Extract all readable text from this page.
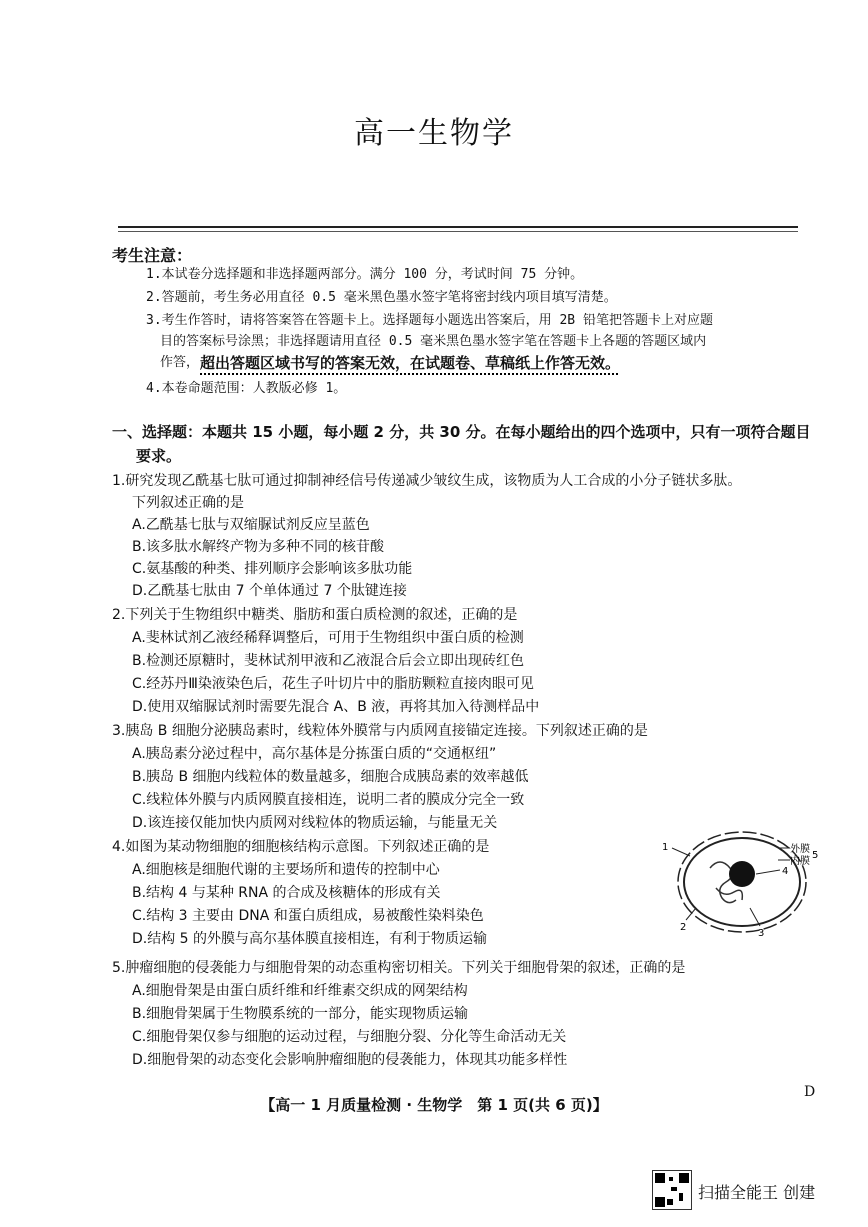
高一生物学
考生注意：
1.本试卷分选择题和非选择题两部分。满分 100 分，考试时间 75 分钟。
2.答题前，考生务必用直径 0.5 毫米黑色墨水签字笔将密封线内项目填写清楚。
3.考生作答时，请将答案答在答题卡上。选择题每小题选出答案后，用 2B 铅笔把答题卡上对应题
目的答案标号涂黑；非选择题请用直径 0.5 毫米黑色墨水签字笔在答题卡上各题的答题区域内
作答， 超出答题区域书写的答案无效，在试题卷、草稿纸上作答无效。
4.本卷命题范围：人教版必修 1。
一、选择题：本题共 15 小题，每小题 2 分，共 30 分。在每小题给出的四个选项中，只有一项符合题目
要求。
1.研究发现乙酰基七肽可通过抑制神经信号传递减少皱纹生成，该物质为人工合成的小分子链状多肽。
下列叙述正确的是
A.乙酰基七肽与双缩脲试剂反应呈蓝色
B.该多肽水解终产物为多种不同的核苷酸
C.氨基酸的种类、排列顺序会影响该多肽功能
D.乙酰基七肽由 7 个单体通过 7 个肽键连接
2.下列关于生物组织中糖类、脂肪和蛋白质检测的叙述，正确的是
A.斐林试剂乙液经稀释调整后，可用于生物组织中蛋白质的检测
B.检测还原糖时，斐林试剂甲液和乙液混合后会立即出现砖红色
C.经苏丹Ⅲ染液染色后，花生子叶切片中的脂肪颗粒直接肉眼可见
D.使用双缩脲试剂时需要先混合 A、B 液，再将其加入待测样品中
3.胰岛 B 细胞分泌胰岛素时，线粒体外膜常与内质网直接锚定连接。下列叙述正确的是
A.胰岛素分泌过程中，高尔基体是分拣蛋白质的“交通枢纽”
B.胰岛 B 细胞内线粒体的数量越多，细胞合成胰岛素的效率越低
C.线粒体外膜与内质网膜直接相连，说明二者的膜成分完全一致
D.该连接仅能加快内质网对线粒体的物质运输，与能量无关
4.如图为某动物细胞的细胞核结构示意图。下列叙述正确的是
A.细胞核是细胞代谢的主要场所和遗传的控制中心
B.结构 4 与某种 RNA 的合成及核糖体的形成有关
C.结构 3 主要由 DNA 和蛋白质组成，易被酸性染料染色
D.结构 5 的外膜与高尔基体膜直接相连，有利于物质运输
1
2
3
4
外膜
内膜
5
5.肿瘤细胞的侵袭能力与细胞骨架的动态重构密切相关。下列关于细胞骨架的叙述，正确的是
A.细胞骨架是由蛋白质纤维和纤维素交织成的网架结构
B.细胞骨架属于生物膜系统的一部分，能实现物质运输
C.细胞骨架仅参与细胞的运动过程，与细胞分裂、分化等生命活动无关
D.细胞骨架的动态变化会影响肿瘤细胞的侵袭能力，体现其功能多样性
D
【高一 1 月质量检测 · 生物学　第 1 页(共 6 页)】
扫描全能王 创建
